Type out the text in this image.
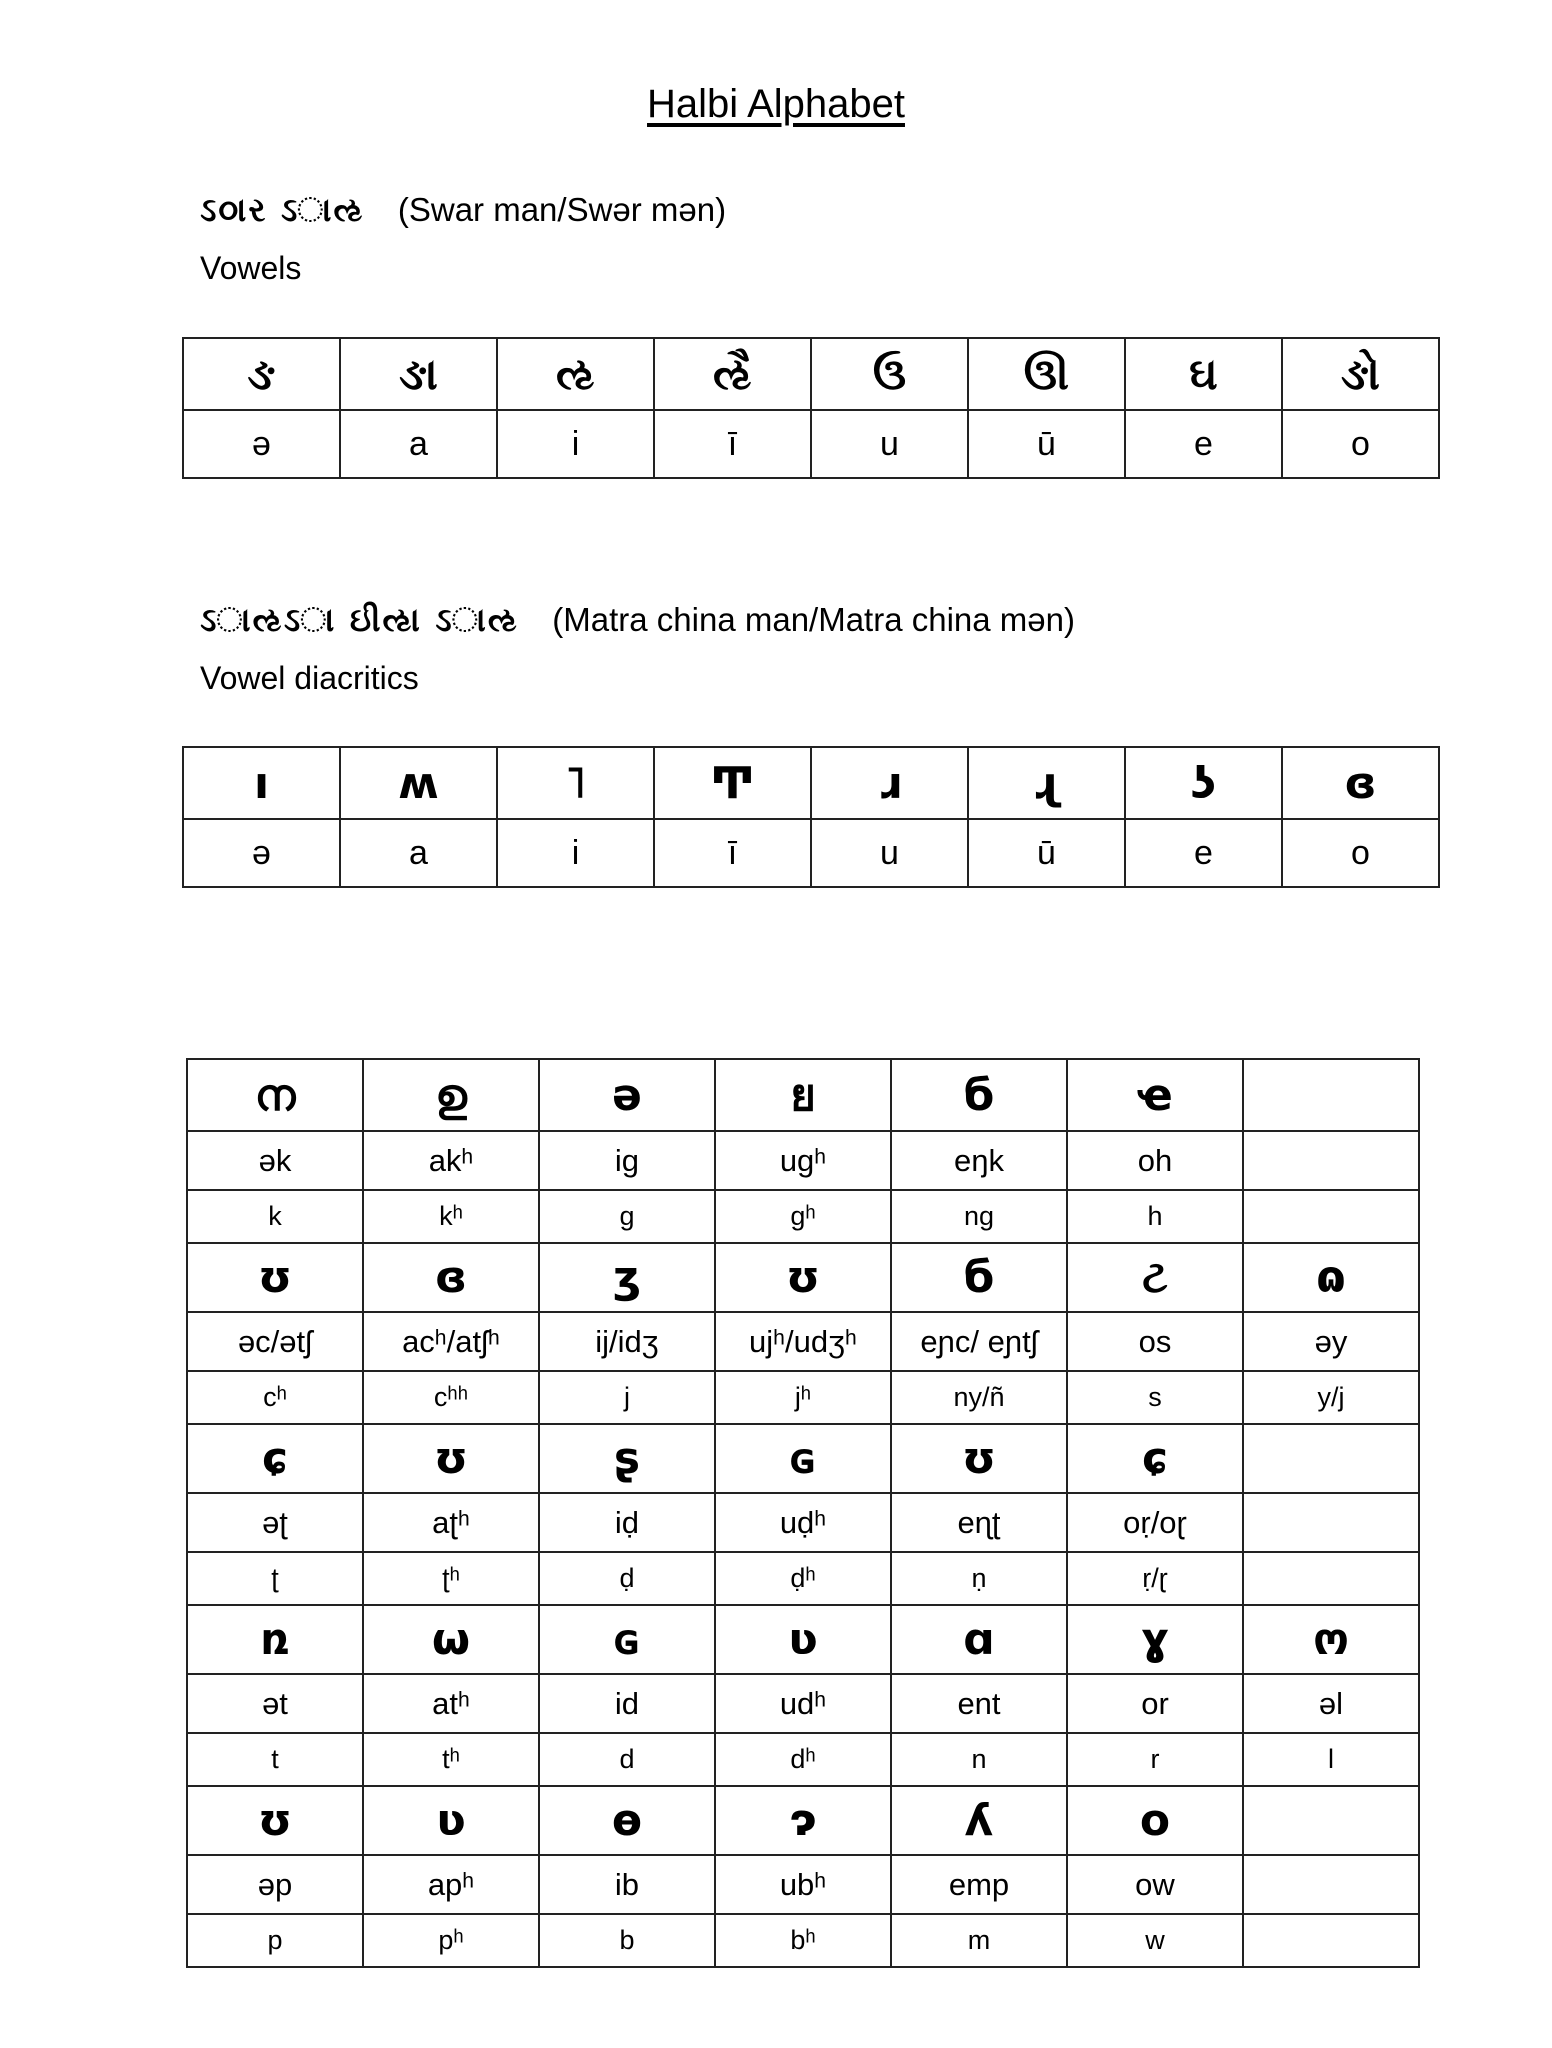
Halbi Alphabet
ઽ૦ાર ઽાઌ (Swar man/Swər mən)
Vowels
ઙ	ઙા	ઌ	ઌૈ	ઉ	ઊ	ઘ	ઙો
ə	a	i	ī	u	ū	e	o
ઽાઌઽા ઇીઌા ઽાઌ (Matra china man/Matra china mən)
Vowel diacritics
ı	ʍ	˥	Ͳ	ɹ	ɻ	ʖ	ɞ
ə	a	i	ī	u	ū	e	o
ന	ഉ	ә	ย	б	ҽ	
ək	akʰ	ig	ugʰ	eŋk	oh	
k	kʰ	g	gʰ	ng	h	
ʊ	ɞ	ʒ	ʊ	б	ટ	ɷ
əc/ətʃ	acʰ/atʃʰ	ij/idʒ	ujʰ/udʒʰ	eɲc/ eɲtʃ	os	əy
cʰ	cʰʰ	j	jʰ	ny/ñ	s	y/j
ɕ	ʊ	ʂ	ɢ	ʊ	ɕ	
əʈ	aʈʰ	iḍ	uḍʰ	eɳʈ	oṛ/oɽ	
ʈ	ʈʰ	ḍ	ḍʰ	ṇ	ṛ/ɽ	
ռ	ω	ɢ	ʋ	ɑ	ɣ	ო
ət	atʰ	id	udʰ	ent	or	əl
t	tʰ	d	dʰ	n	r	l
ʊ	ʋ	ɵ	ɂ	ʎ	o	
əp	apʰ	ib	ubʰ	emp	ow	
p	pʰ	b	bʰ	m	w	
